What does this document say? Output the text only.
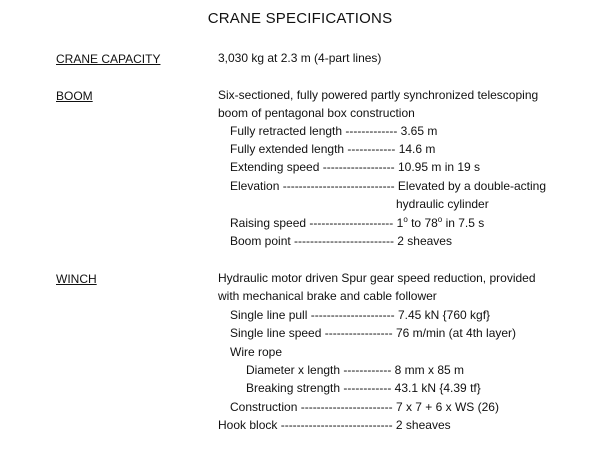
CRANE SPECIFICATIONS
CRANE CAPACITY	3,030 kg at 2.3 m (4-part lines)
BOOM	Six-sectioned, fully powered partly synchronized telescoping
boom of pentagonal box construction
Fully retracted length ------------- 3.65 m
Fully extended length ------------ 14.6 m
Extending speed ------------------ 10.95 m in 19 s
Elevation ---------------------------- Elevated by a double-acting
hydraulic cylinder
Raising speed --------------------- 1$^o$ to 78$^o$ in 7.5 s
Boom point ------------------------- 2 sheaves
WINCH	Hydraulic motor driven Spur gear speed reduction, provided
with mechanical brake and cable follower
Single line pull --------------------- 7.45 kN {760 kgf}
Single line speed ----------------- 76 m/min (at 4th layer)
Wire rope
Diameter x length ------------ 8 mm x 85 m
Breaking strength ------------ 43.1 kN {4.39 tf}
Construction ----------------------- 7 x 7 + 6 x WS (26)
Hook block ---------------------------- 2 sheaves
